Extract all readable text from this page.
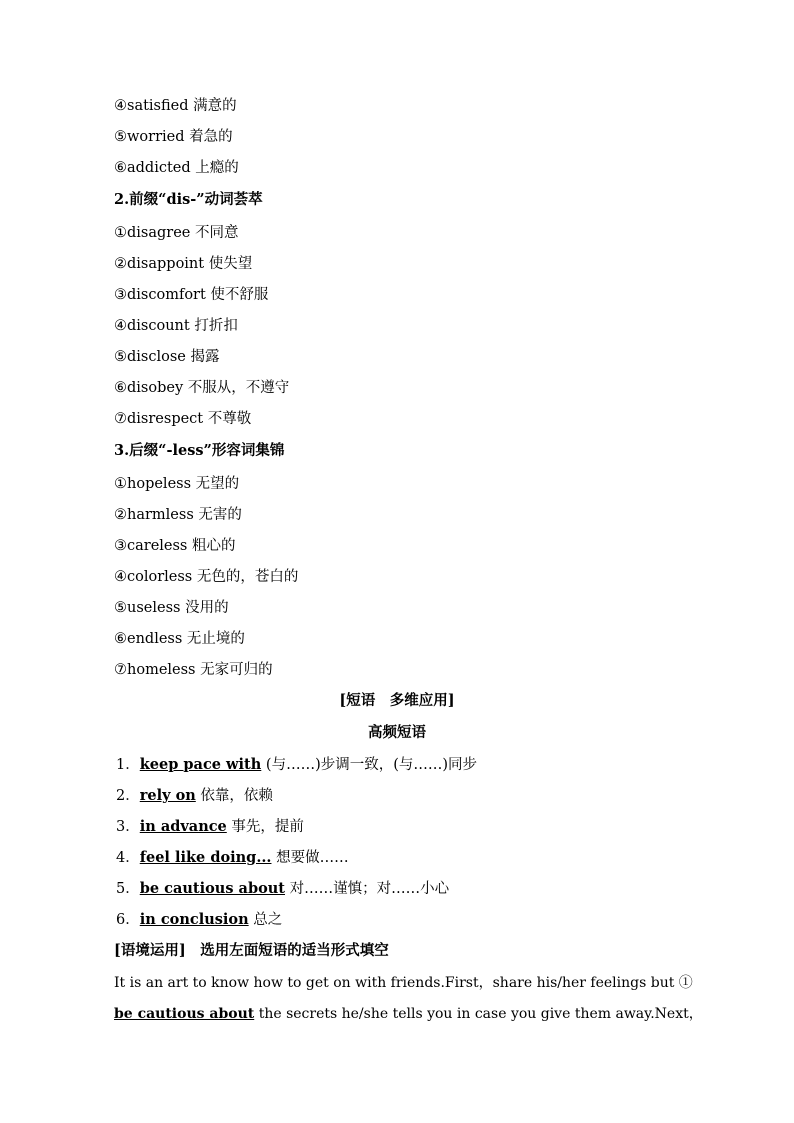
④satisfied 满意的
⑤worried 着急的
⑥addicted 上瘾的
2.前缀“dis-”动词荟萃
①disagree 不同意
②disappoint 使失望
③discomfort 使不舒服
④discount 打折扣
⑤disclose 揭露
⑥disobey 不服从，不遵守
⑦disrespect 不尊敬
3.后缀“-less”形容词集锦
①hopeless 无望的
②harmless 无害的
③careless 粗心的
④colorless 无色的，苍白的
⑤useless 没用的
⑥endless 无止境的
⑦homeless 无家可归的
[短语　多维应用]
高频短语
1．keep pace with (与……)步调一致，(与……)同步
2．rely on 依靠，依赖
3．in advance 事先，提前
4．feel like doing... 想要做……
5．be cautious about 对……谨慎；对……小心
6．in conclusion 总之
[语境运用]　选用左面短语的适当形式填空
It is an art to know how to get on with friends.First，share his/her feelings but ①
be cautious about the secrets he/she tells you in case you give them away.Next，
